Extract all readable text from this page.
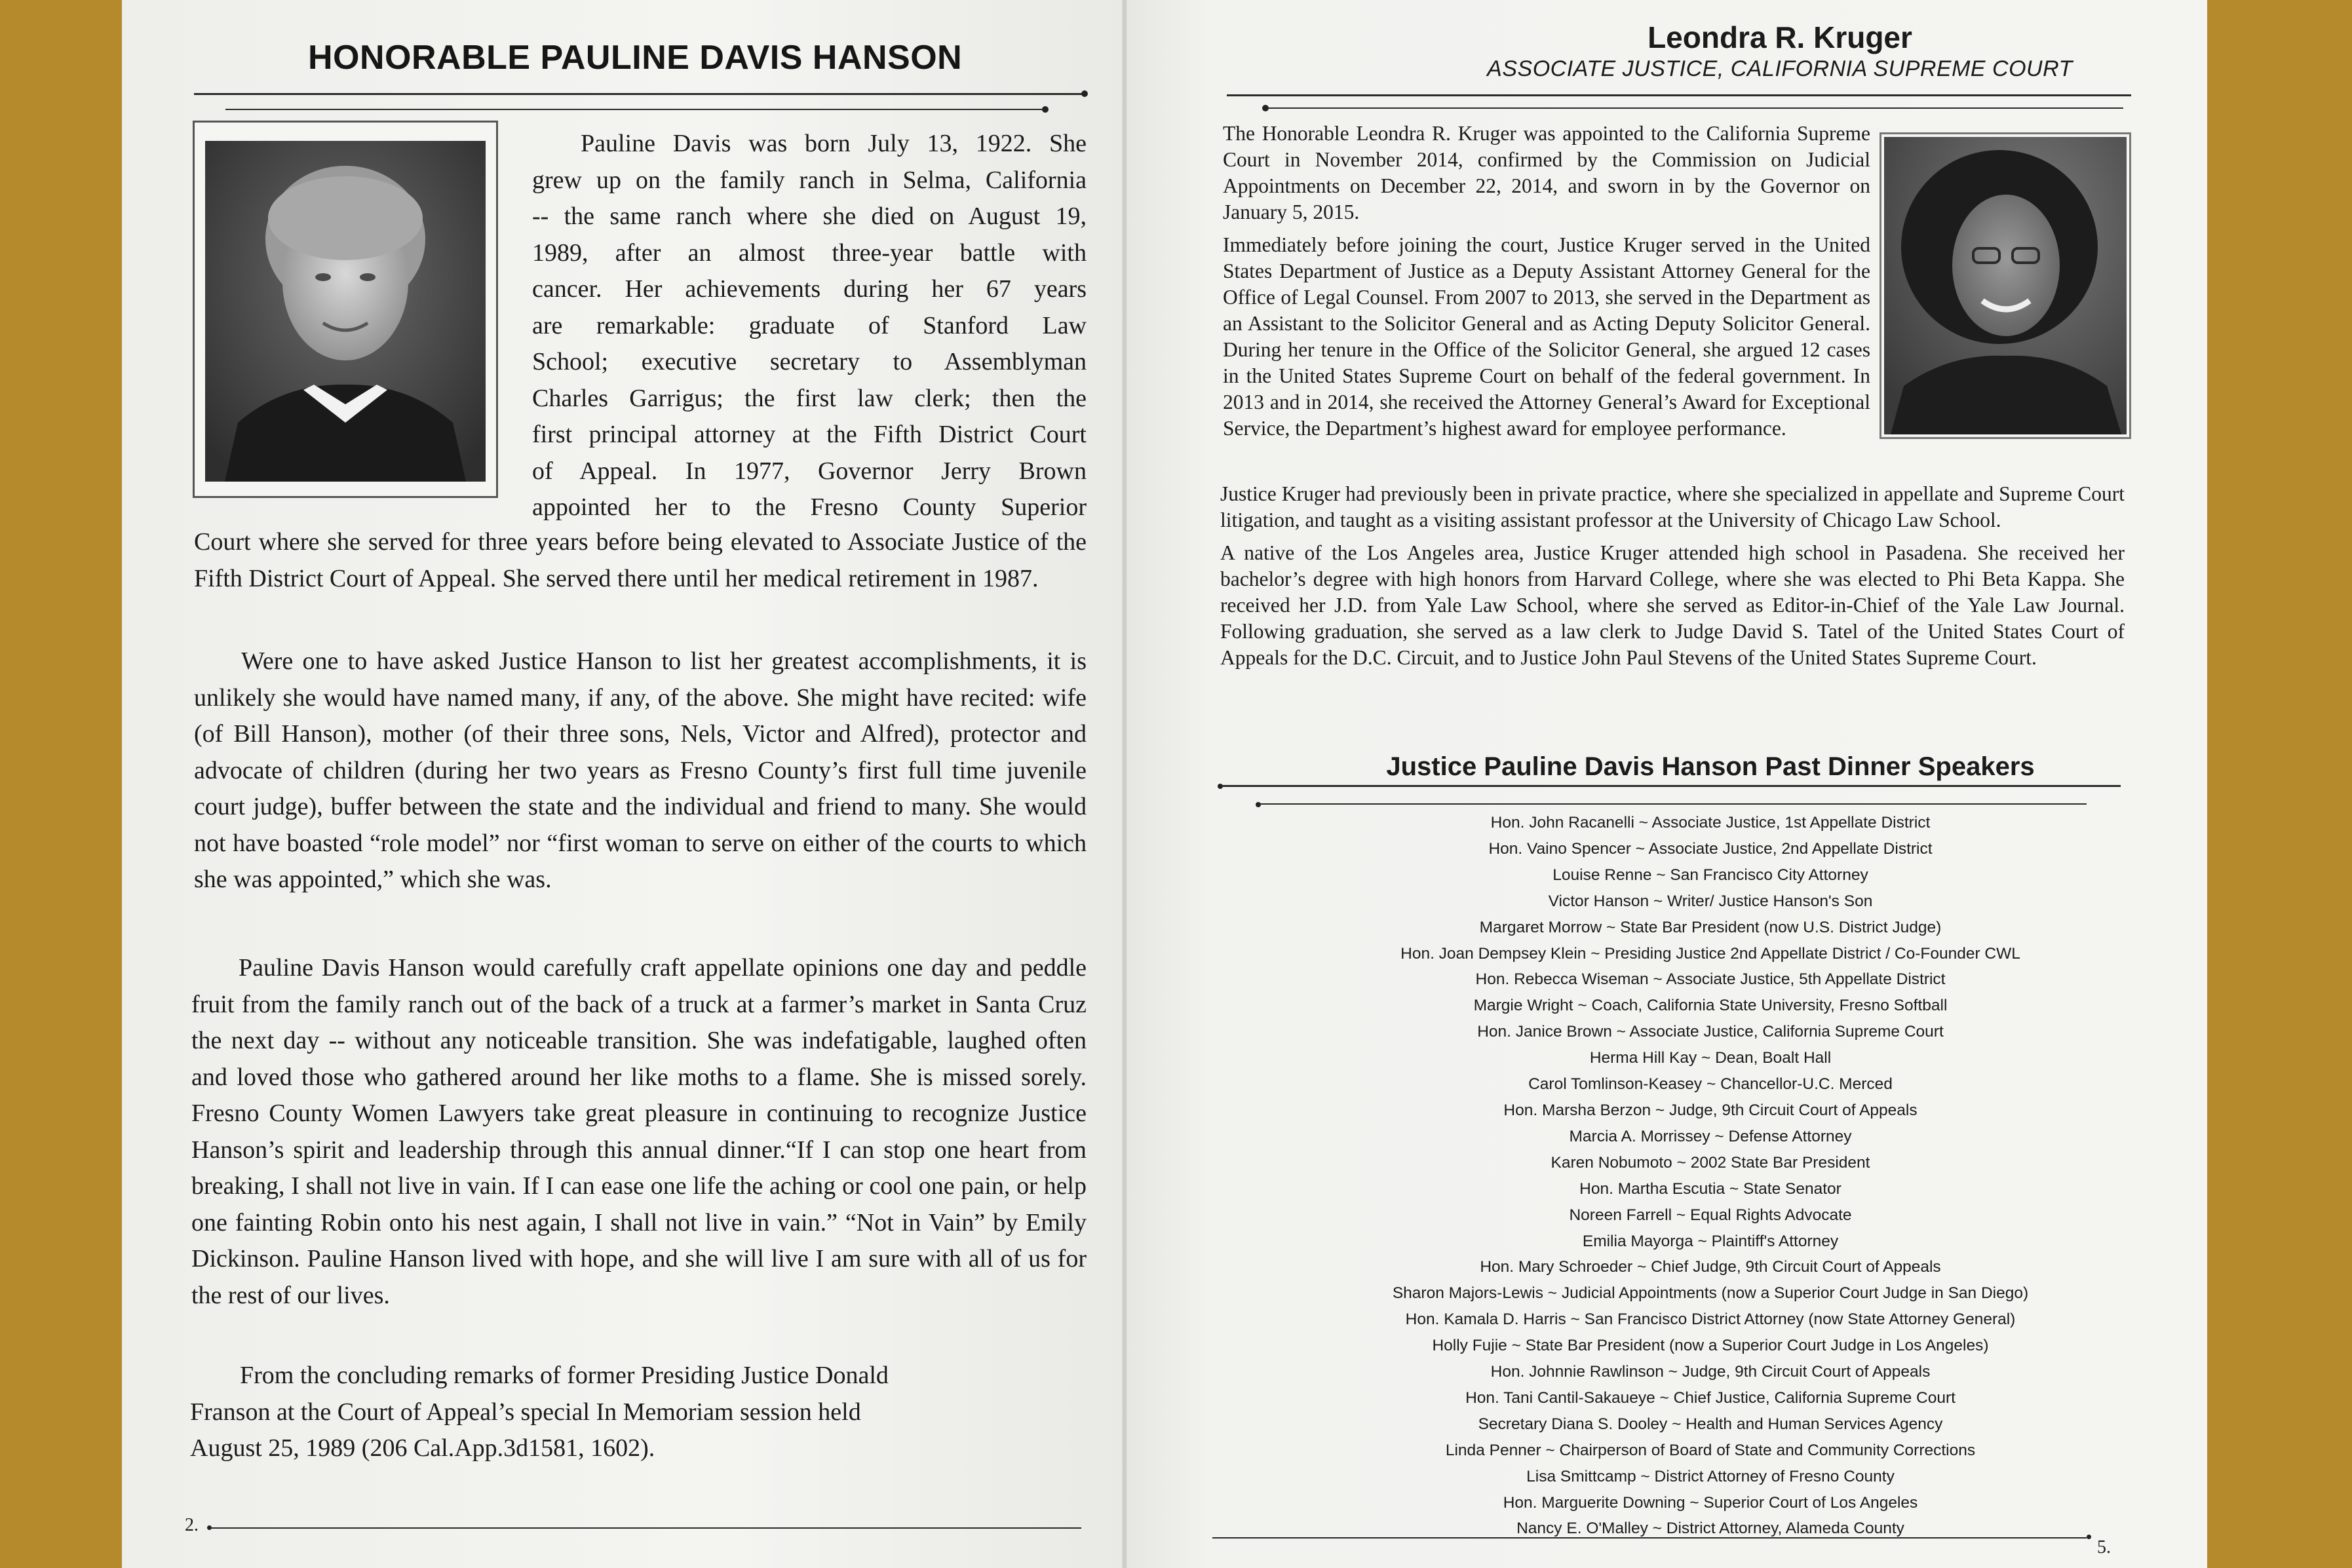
HONORABLE PAULINE DAVIS HANSON
Pauline Davis was born July 13, 1922. She
grew up on the family ranch in Selma, California
-- the same ranch where she died on August 19,
1989, after an almost three-year battle with
cancer. Her achievements during her 67 years
are remarkable: graduate of Stanford Law
School; executive secretary to Assemblyman
Charles Garrigus; the first law clerk; then the
first principal attorney at the Fifth District Court
of Appeal. In 1977, Governor Jerry Brown
appointed her to the Fresno County Superior
Court where she served for three years before being elevated to Associate Justice of the Fifth District Court of Appeal. She served there until her medical retirement in 1987.
Were one to have asked Justice Hanson to list her greatest accomplishments, it is unlikely she would have named many, if any, of the above. She might have recited: wife (of Bill Hanson), mother (of their three sons, Nels, Victor and Alfred), protector and advocate of children (during her two years as Fresno County’s first full time juvenile court judge), buffer between the state and the individual and friend to many. She would not have boasted “role model” nor “first woman to serve on either of the courts to which she was appointed,” which she was.
Pauline Davis Hanson would carefully craft appellate opinions one day and peddle fruit from the family ranch out of the back of a truck at a farmer’s market in Santa Cruz the next day -- without any noticeable transition. She was indefatigable, laughed often and loved those who gathered around her like moths to a flame. She is missed sorely. Fresno County Women Lawyers take great pleasure in continuing to recognize Justice Hanson’s spirit and leadership through this annual dinner.“If I can stop one heart from breaking, I shall not live in vain. If I can ease one life the aching or cool one pain, or help one fainting Robin onto his nest again, I shall not live in vain.” “Not in Vain” by Emily Dickinson. Pauline Hanson lived with hope, and she will live I am sure with all of us for the rest of our lives.
From the concluding remarks of former Presiding Justice Donald
Franson at the Court of Appeal’s special In Memoriam session held
August 25, 1989 (206 Cal.App.3d1581, 1602).
2.
Leondra R. Kruger
ASSOCIATE JUSTICE, CALIFORNIA SUPREME COURT

The Honorable Leondra R. Kruger was appointed to the California Supreme Court in November 2014, confirmed by the Commission on Judicial Appointments on December 22, 2014, and sworn in by the Governor on January 5, 2015.

Immediately before joining the court, Justice Kruger served in the United States Department of Justice as a Deputy Assistant Attorney General for the Office of Legal Counsel. From 2007 to 2013, she served in the Department as an Assistant to the Solicitor General and as Acting Deputy Solicitor General. During her tenure in the Office of the Solicitor General, she argued 12 cases in the United States Supreme Court on behalf of the federal government. In 2013 and in 2014, she received the Attorney General’s Award for Exceptional Service, the Department’s highest award for employee performance.

Justice Kruger had previously been in private practice, where she specialized in appellate and Supreme Court litigation, and taught as a visiting assistant professor at the University of Chicago Law School.

A native of the Los Angeles area, Justice Kruger attended high school in Pasadena. She received her bachelor’s degree with high honors from Harvard College, where she was elected to Phi Beta Kappa. She received her J.D. from Yale Law School, where she served as Editor-in-Chief of the Yale Law Journal. Following graduation, she served as a law clerk to Judge David S. Tatel of the United States Court of Appeals for the D.C. Circuit, and to Justice John Paul Stevens of the United States Supreme Court.

Justice Pauline Davis Hanson Past Dinner Speakers
Hon. John Racanelli ~ Associate Justice, 1st Appellate District
Hon. Vaino Spencer ~ Associate Justice, 2nd Appellate District
Louise Renne ~ San Francisco City Attorney
Victor Hanson ~ Writer/ Justice Hanson's Son
Margaret Morrow ~ State Bar President (now U.S. District Judge)
Hon. Joan Dempsey Klein ~ Presiding Justice 2nd Appellate District / Co-Founder CWL
Hon. Rebecca Wiseman ~ Associate Justice, 5th Appellate District
Margie Wright ~ Coach, California State University, Fresno Softball
Hon. Janice Brown ~ Associate Justice, California Supreme Court
Herma Hill Kay ~ Dean, Boalt Hall
Carol Tomlinson-Keasey ~ Chancellor-U.C. Merced
Hon. Marsha Berzon ~ Judge, 9th Circuit Court of Appeals
Marcia A. Morrissey ~ Defense Attorney
Karen Nobumoto ~ 2002 State Bar President
Hon. Martha Escutia ~ State Senator
Noreen Farrell ~ Equal Rights Advocate
Emilia Mayorga ~ Plaintiff's Attorney
Hon. Mary Schroeder ~ Chief Judge, 9th Circuit Court of Appeals
Sharon Majors-Lewis ~ Judicial Appointments (now a Superior Court Judge in San Diego)
Hon. Kamala D. Harris ~ San Francisco District Attorney (now State Attorney General)
Holly Fujie ~ State Bar President (now a Superior Court Judge in Los Angeles)
Hon. Johnnie Rawlinson ~ Judge, 9th Circuit Court of Appeals
Hon. Tani Cantil-Sakaueye ~ Chief Justice, California Supreme Court
Secretary Diana S. Dooley ~ Health and Human Services Agency
Linda Penner ~ Chairperson of Board of State and Community Corrections
Lisa Smittcamp ~ District Attorney of Fresno County
Hon. Marguerite Downing ~ Superior Court of Los Angeles
Nancy E. O'Malley ~ District Attorney, Alameda County
5.
